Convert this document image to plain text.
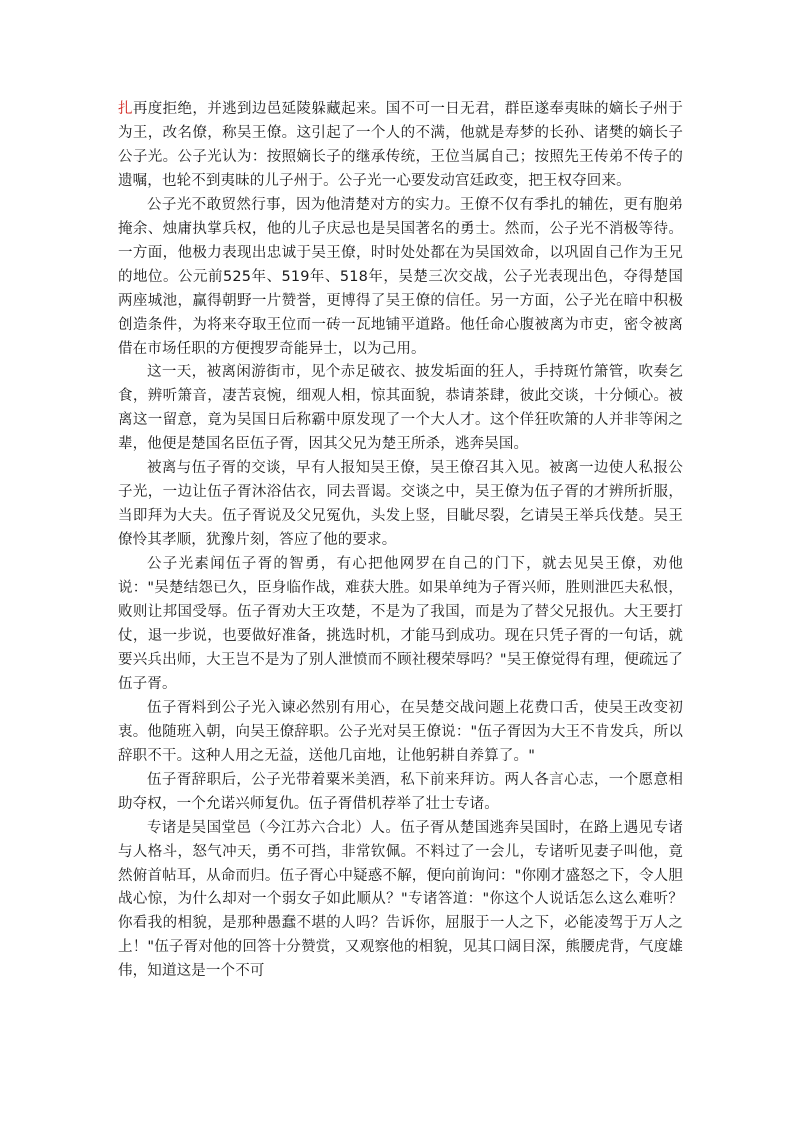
扎再度拒绝，并逃到边邑延陵躲藏起来。国不可一日无君，群臣遂奉夷昧的嫡长子州于为王，改名僚，称吴王僚。这引起了一个人的不满，他就是寿梦的长孙、诸樊的嫡长子公子光。公子光认为：按照嫡长子的继承传统，王位当属自己；按照先王传弟不传子的遗嘱，也轮不到夷昧的儿子州于。公子光一心要发动宫廷政变，把王权夺回来。

公子光不敢贸然行事，因为他清楚对方的实力。王僚不仅有季扎的辅佐，更有胞弟掩余、烛庸执掌兵权，他的儿子庆忌也是吴国著名的勇士。然而，公子光不消极等待。一方面，他极力表现出忠诚于吴王僚，时时处处都在为吴国效命，以巩固自己作为王兄的地位。公元前525年、519年、518年，吴楚三次交战，公子光表现出色，夺得楚国两座城池，赢得朝野一片赞誉，更博得了吴王僚的信任。另一方面，公子光在暗中积极创造条件，为将来夺取王位而一砖一瓦地铺平道路。他任命心腹被离为市吏，密令被离借在市场任职的方便搜罗奇能异士，以为己用。

这一天，被离闲游街市，见个赤足破衣、披发垢面的狂人，手持斑竹箫管，吹奏乞食，辨听箫音，凄苦哀惋，细观人相，惊其面貌，恭请茶肆，彼此交谈，十分倾心。被离这一留意，竟为吴国日后称霸中原发现了一个大人才。这个佯狂吹箫的人并非等闲之辈，他便是楚国名臣伍子胥，因其父兄为楚王所杀，逃奔吴国。

被离与伍子胥的交谈，早有人报知吴王僚，吴王僚召其入见。被离一边使人私报公子光，一边让伍子胥沐浴估衣，同去晋谒。交谈之中，吴王僚为伍子胥的才辨所折服，当即拜为大夫。伍子胥说及父兄冤仇，头发上竖，目眦尽裂，乞请吴王举兵伐楚。吴王僚怜其孝顺，犹豫片刻，答应了他的要求。

公子光素闻伍子胥的智勇，有心把他网罗在自己的门下，就去见吴王僚，劝他说："吴楚结怨已久，臣身临作战，难获大胜。如果单纯为子胥兴师，胜则泄匹夫私恨，败则让邦国受辱。伍子胥劝大王攻楚，不是为了我国，而是为了替父兄报仇。大王要打仗，退一步说，也要做好准备，挑选时机，才能马到成功。现在只凭子胥的一句话，就要兴兵出师，大王岂不是为了别人泄愤而不顾社稷荣辱吗？"吴王僚觉得有理，便疏远了伍子胥。

伍子胥料到公子光入谏必然别有用心，在吴楚交战问题上花费口舌，使吴王改变初衷。他随班入朝，向吴王僚辞职。公子光对吴王僚说："伍子胥因为大王不肯发兵，所以辞职不干。这种人用之无益，送他几亩地，让他躬耕自养算了。"

伍子胥辞职后，公子光带着粟米美酒，私下前来拜访。两人各言心志，一个愿意相助夺权，一个允诺兴师复仇。伍子胥借机荐举了壮士专诸。

专诸是吴国堂邑（今江苏六合北）人。伍子胥从楚国逃奔吴国时，在路上遇见专诸与人格斗，怒气冲天，勇不可挡，非常钦佩。不料过了一会儿，专诸听见妻子叫他，竟然俯首帖耳，从命而归。伍子胥心中疑惑不解，便向前询问："你刚才盛怒之下，令人胆战心惊，为什么却对一个弱女子如此顺从？"专诸答道："你这个人说话怎么这么难听？你看我的相貌，是那种愚蠢不堪的人吗？告诉你，屈服于一人之下，必能凌驾于万人之上！"伍子胥对他的回答十分赞赏，又观察他的相貌，见其口阔目深，熊腰虎背，气度雄伟，知道这是一个不可
